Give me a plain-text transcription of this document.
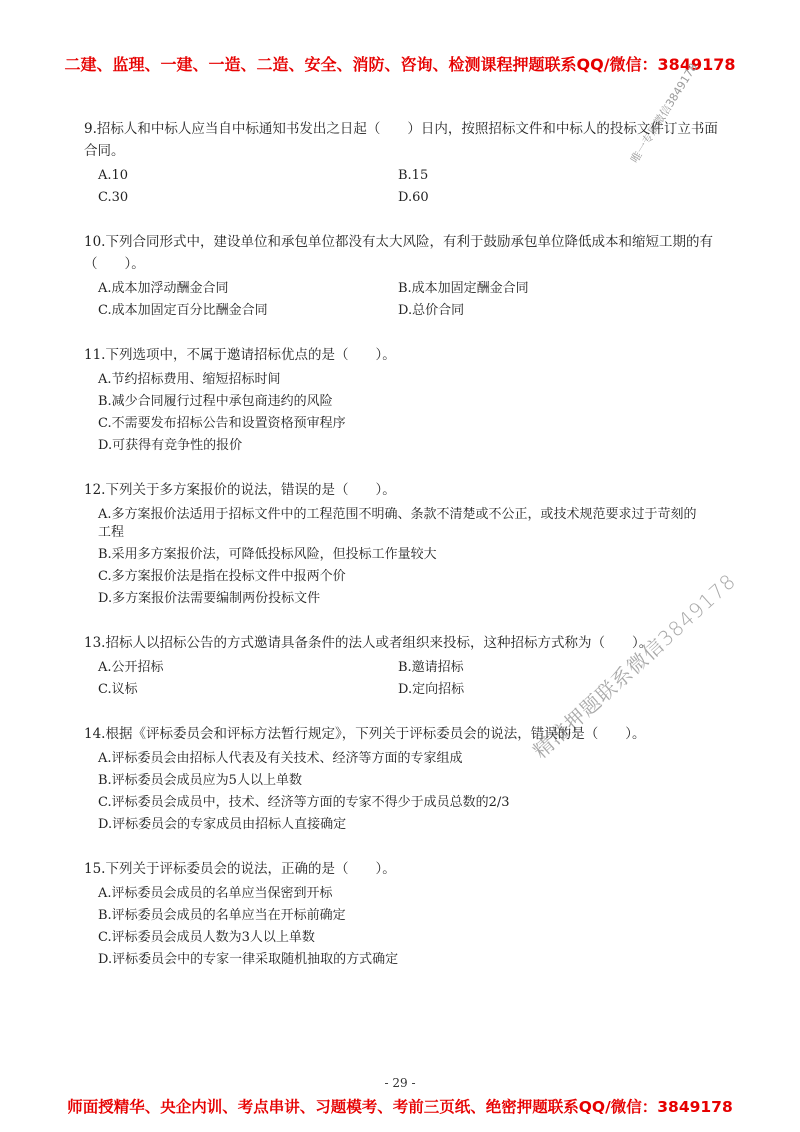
二建、监理、一建、一造、二造、安全、消防、咨询、检测课程押题联系QQ/微信：3849178
唯一专属微信3849178
精准押题联系微信3849178

9.招标人和中标人应当自中标通知书发出之日起（　　）日内，按照招标文件和中标人的投标文件订立书面合同。

A.10	B.15
C.30	D.60

10.下列合同形式中，建设单位和承包单位都没有太大风险，有利于鼓励承包单位降低成本和缩短工期的有（　　）。

A.成本加浮动酬金合同	B.成本加固定酬金合同
C.成本加固定百分比酬金合同	D.总价合同

11.下列选项中，不属于邀请招标优点的是（　　）。

A.节约招标费用、缩短招标时间
B.减少合同履行过程中承包商违约的风险
C.不需要发布招标公告和设置资格预审程序
D.可获得有竞争性的报价

12.下列关于多方案报价的说法，错误的是（　　）。

A.多方案报价法适用于招标文件中的工程范围不明确、条款不清楚或不公正，或技术规范要求过于苛刻的工程
B.采用多方案报价法，可降低投标风险，但投标工作量较大
C.多方案报价法是指在投标文件中报两个价
D.多方案报价法需要编制两份投标文件

13.招标人以招标公告的方式邀请具备条件的法人或者组织来投标，这种招标方式称为（　　）。

A.公开招标	B.邀请招标
C.议标	D.定向招标

14.根据《评标委员会和评标方法暂行规定》，下列关于评标委员会的说法，错误的是（　　）。

A.评标委员会由招标人代表及有关技术、经济等方面的专家组成
B.评标委员会成员应为5人以上单数
C.评标委员会成员中，技术、经济等方面的专家不得少于成员总数的2/3
D.评标委员会的专家成员由招标人直接确定

15.下列关于评标委员会的说法，正确的是（　　）。

A.评标委员会成员的名单应当保密到开标
B.评标委员会成员的名单应当在开标前确定
C.评标委员会成员人数为3人以上单数
D.评标委员会中的专家一律采取随机抽取的方式确定
- 29 -
师面授精华、央企内训、考点串讲、习题模考、考前三页纸、绝密押题联系QQ/微信：3849178
